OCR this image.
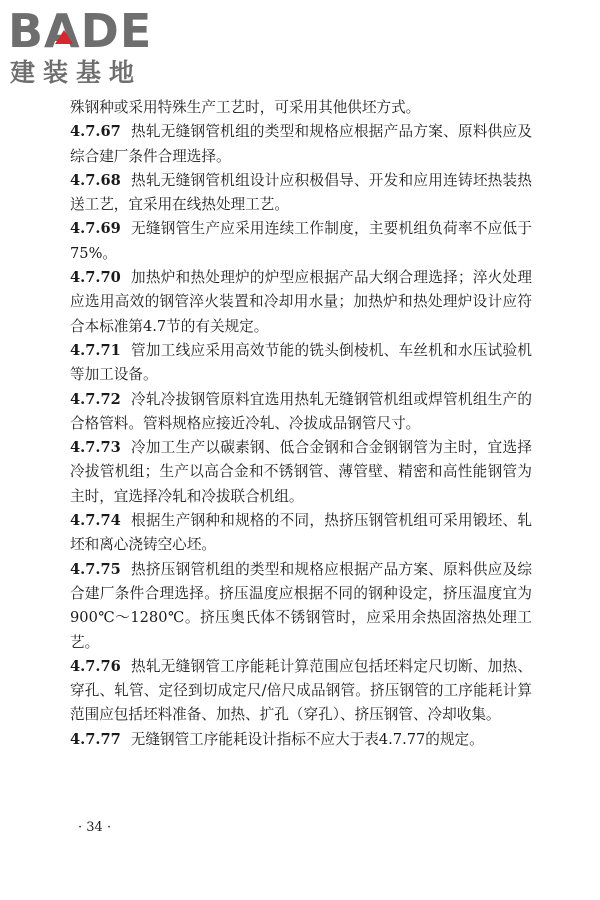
BADE
建装基地

殊钢种或采用特殊生产工艺时，可采用其他供坯方式。

4.7.67 热轧无缝钢管机组的类型和规格应根据产品方案、原料供应及综合建厂条件合理选择。

4.7.68 热轧无缝钢管机组设计应积极倡导、开发和应用连铸坯热装热送工艺，宜采用在线热处理工艺。

4.7.69 无缝钢管生产应采用连续工作制度，主要机组负荷率不应低于75%。

4.7.70 加热炉和热处理炉的炉型应根据产品大纲合理选择；淬火处理应选用高效的钢管淬火装置和冷却用水量；加热炉和热处理炉设计应符合本标准第4.7节的有关规定。

4.7.71 管加工线应采用高效节能的铣头倒棱机、车丝机和水压试验机等加工设备。

4.7.72 冷轧冷拔钢管原料宜选用热轧无缝钢管机组或焊管机组生产的合格管料。管料规格应接近冷轧、冷拔成品钢管尺寸。

4.7.73 冷加工生产以碳素钢、低合金钢和合金钢钢管为主时，宜选择冷拔管机组；生产以高合金和不锈钢管、薄管壁、精密和高性能钢管为主时，宜选择冷轧和冷拔联合机组。

4.7.74 根据生产钢种和规格的不同，热挤压钢管机组可采用锻坯、轧坯和离心浇铸空心坯。

4.7.75 热挤压钢管机组的类型和规格应根据产品方案、原料供应及综合建厂条件合理选择。挤压温度应根据不同的钢种设定，挤压温度宜为900℃～1280℃。挤压奥氏体不锈钢管时，应采用余热固溶热处理工艺。

4.7.76 热轧无缝钢管工序能耗计算范围应包括坯料定尺切断、加热、穿孔、轧管、定径到切成定尺/倍尺成品钢管。挤压钢管的工序能耗计算范围应包括坯料准备、加热、扩孔（穿孔）、挤压钢管、冷却收集。

4.7.77 无缝钢管工序能耗设计指标不应大于表4.7.77的规定。

· 34 ·
